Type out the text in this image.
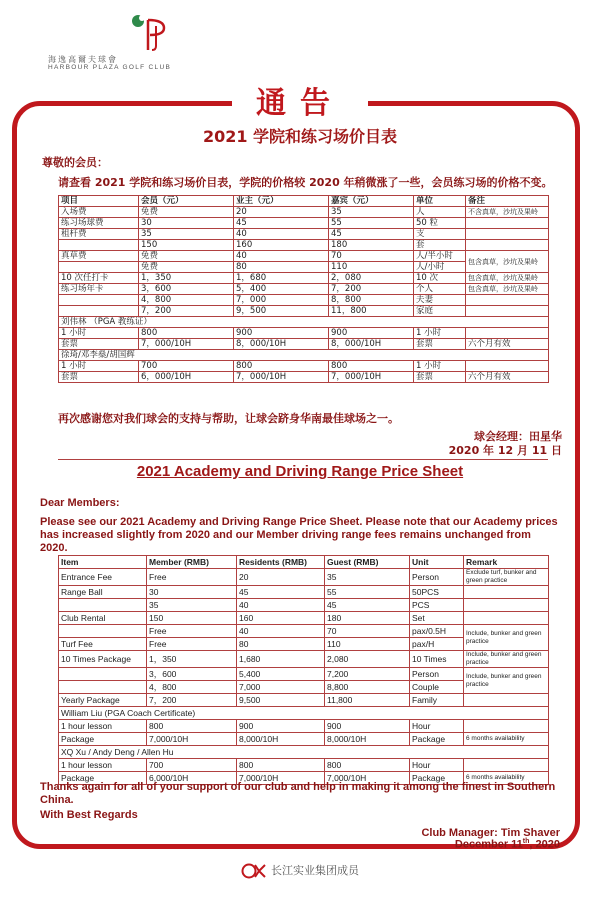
海逸高爾夫球會
HARBOUR PLAZA GOLF CLUB
通告
2021 学院和练习场价目表
尊敬的会员：
请查看 2021 学院和练习场价目表，学院的价格较 2020 年稍微涨了一些，会员练习场的价格不变。
项目	会员（元）	业主（元）	嘉宾（元）	单位	备注
入场费	免费	20	35	人	不含真草，沙坑及果岭
练习场球费	30	45	55	50 粒	
租杆费	35	40	45	支	
	150	160	180	套	
真草费	免费	40	70	人/半小时	包含真草，沙坑及果岭
	免费	80	110	人/小时	
10 次任打卡	1，350	1，680	2，080	10 次	包含真草，沙坑及果岭
练习场年卡	3，600	5，400	7，200	个人	包含真草，沙坑及果岭
	4，800	7，000	8，800	夫妻	
	7，200	9，500	11，800	家庭	
刘伟林 （PGA 教练证）					
1 小时	800	900	900	1 小时	
套票	7，000/10H	8，000/10H	8，000/10H	套票	六个月有效
徐琦/邓李燊/胡国辉					
1 小时	700	800	800	1 小时	
套票	6，000/10H	7，000/10H	7，000/10H	套票	六个月有效
再次感谢您对我们球会的支持与帮助，让球会跻身华南最佳球场之一。
球会经理：田星华
2020 年 12 月 11 日
2021 Academy and Driving Range Price Sheet
Dear Members:
Please see our 2021 Academy and Driving Range Price Sheet. Please note that our Academy prices has increased slightly from 2020 and our Member driving range fees remains unchanged from 2020.
Item	Member (RMB)	Residents (RMB)	Guest (RMB)	Unit	Remark
Entrance Fee	Free	20	35	Person	Exclude turf, bunker and green practice
Range Ball	30	45	55	50PCS	
	35	40	45	PCS	
Club Rental	150	160	180	Set	
	Free	40	70	pax/0.5H	Include, bunker and green practice
Turf Fee	Free	80	110	pax/H	
10 Times Package	1，350	1,680	2,080	10 Times	Include, bunker and green practice
	3，600	5,400	7,200	Person	Include, bunker and green practice
	4，800	7,000	8,800	Couple	
Yearly Package	7，200	9,500	11,800	Family	
William Liu (PGA Coach Certificate)					
1 hour lesson	800	900	900	Hour	
Package	7,000/10H	8,000/10H	8,000/10H	Package	6 months availability
XQ Xu / Andy Deng / Allen Hu					
1 hour lesson	700	800	800	Hour	
Package	6,000/10H	7,000/10H	7,000/10H	Package	6 months availability
Thanks again for all of your support of our club and help in making it among the finest in Southern China.
With Best Regards
Club Manager: Tim Shaver
December 11th, 2020
长江实业集团成员
